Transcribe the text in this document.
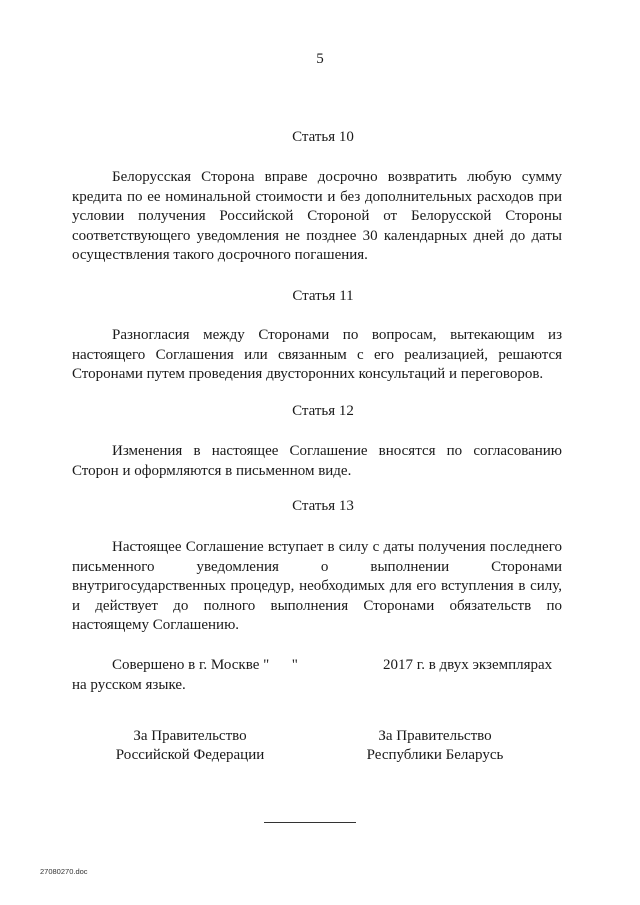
5
Статья 10

Белорусская Сторона вправе досрочно возвратить любую сумму кредита по ее номинальной стоимости и без дополнительных расходов при условии получения Российской Стороной от Белорусской Стороны соответствующего уведомления не позднее 30 календарных дней до даты осуществления такого досрочного погашения.

Статья 11

Разногласия между Сторонами по вопросам, вытекающим из настоящего Соглашения или связанным с его реализацией, решаются Сторонами путем проведения двусторонних консультаций и переговоров.

Статья 12

Изменения в настоящее Соглашение вносятся по согласованию Сторон и оформляются в письменном виде.

Статья 13

Настоящее Соглашение вступает в силу с даты получения последнего письменного уведомления о выполнении Сторонами внутригосударственных процедур, необходимых для его вступления в силу, и действует до полного выполнения Сторонами обязательств по настоящему Соглашению.

Совершено в г. Москве "      "	2017 г. в двух экземплярах
на русском языке.
За Правительство
Российской Федерации
За Правительство
Республики Беларусь
27080270.doc
